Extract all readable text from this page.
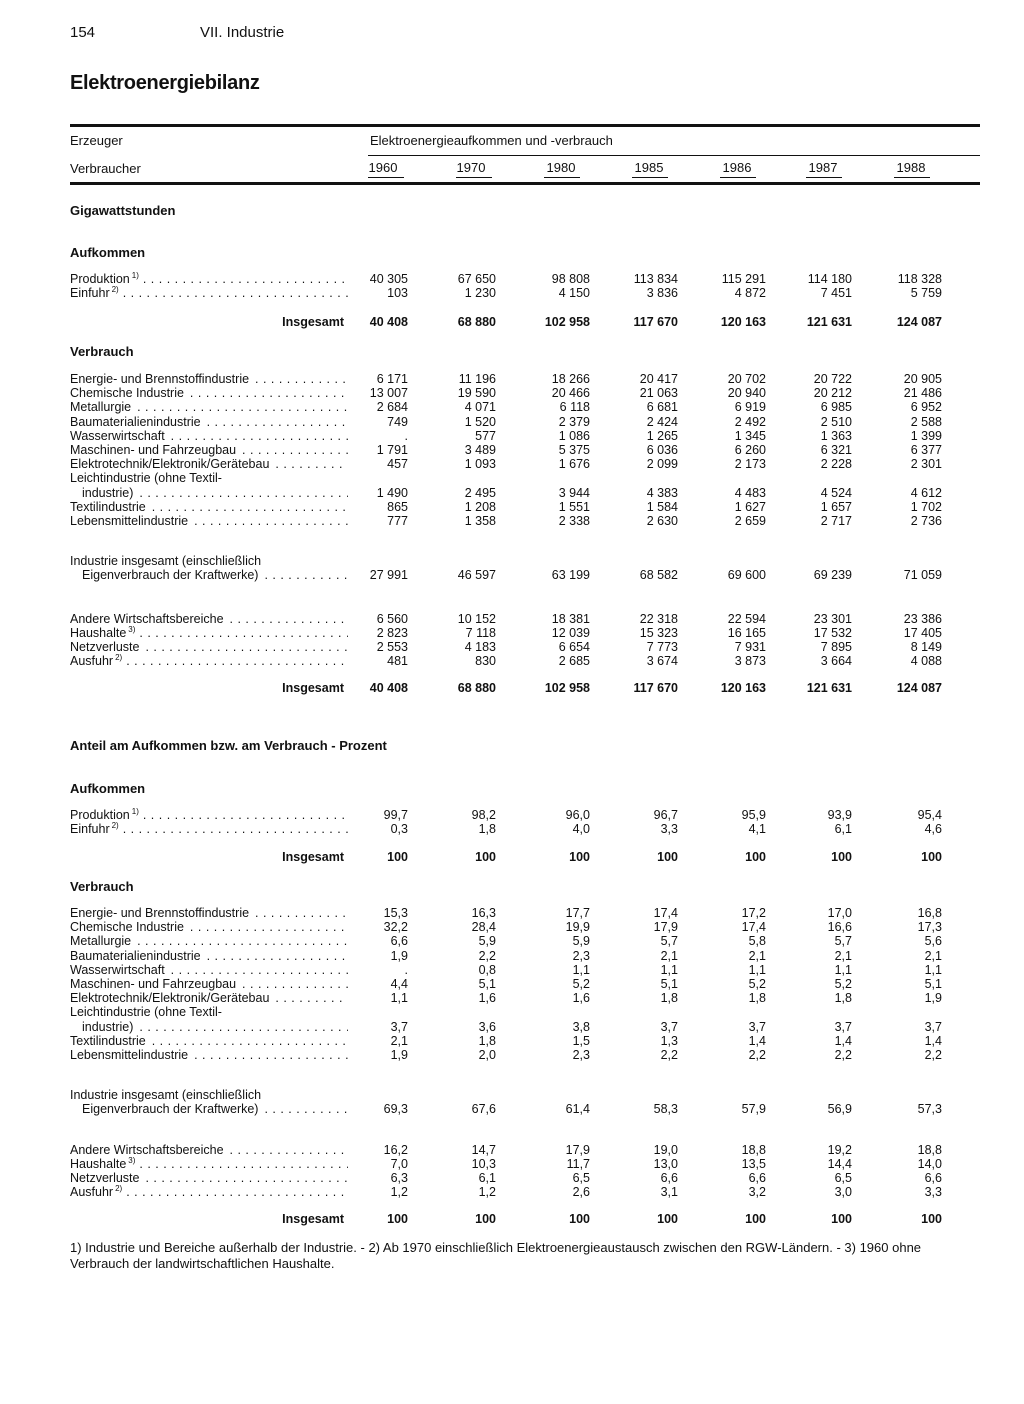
154	VII. Industrie
Elektroenergiebilanz
Erzeuger	Elektroenergieaufkommen und -verbrauch
Verbraucher	1960	1970	1980	1985	1986	1987	1988
Gigawattstunden
Aufkommen
Produktion $^{1)}$ . . .	40 305	67 650	98 808	113 834	115 291	114 180	118 328
Einfuhr $^{2)}$ . . .	103	1 230	4 150	3 836	4 872	7 451	5 759
Insgesamt	40 408	68 880	102 958	117 670	120 163	121 631	124 087
Verbrauch
Energie- und Brennstoffindustrie . . .	6 171	11 196	18 266	20 417	20 702	20 722	20 905
Chemische Industrie . . .	13 007	19 590	20 466	21 063	20 940	20 212	21 486
Metallurgie . . .	2 684	4 071	6 118	6 681	6 919	6 985	6 952
Baumaterialienindustrie . . .	749	1 520	2 379	2 424	2 492	2 510	2 588
Wasserwirtschaft . . .	.	577	1 086	1 265	1 345	1 363	1 399
Maschinen- und Fahrzeugbau . . .	1 791	3 489	5 375	6 036	6 260	6 321	6 377
Elektrotechnik/Elektronik/Gerätebau . . .	457	1 093	1 676	2 099	2 173	2 228	2 301
Leichtindustrie (ohne Textil-
industrie) . . .	1 490	2 495	3 944	4 383	4 483	4 524	4 612
Textilindustrie . . .	865	1 208	1 551	1 584	1 627	1 657	1 702
Lebensmittelindustrie . . .	777	1 358	2 338	2 630	2 659	2 717	2 736
Industrie insgesamt (einschließlich
Eigenverbrauch der Kraftwerke) . . .	27 991	46 597	63 199	68 582	69 600	69 239	71 059
Andere Wirtschaftsbereiche . . .	6 560	10 152	18 381	22 318	22 594	23 301	23 386
Haushalte $^{3)}$ . . .	2 823	7 118	12 039	15 323	16 165	17 532	17 405
Netzverluste . . .	2 553	4 183	6 654	7 773	7 931	7 895	8 149
Ausfuhr $^{2)}$ . . .	481	830	2 685	3 674	3 873	3 664	4 088
Insgesamt	40 408	68 880	102 958	117 670	120 163	121 631	124 087
Anteil am Aufkommen bzw. am Verbrauch - Prozent
Aufkommen
Produktion $^{1)}$ . . .	99,7	98,2	96,0	96,7	95,9	93,9	95,4
Einfuhr $^{2)}$ . . .	0,3	1,8	4,0	3,3	4,1	6,1	4,6
Insgesamt	100	100	100	100	100	100	100
Verbrauch
Energie- und Brennstoffindustrie . . .	15,3	16,3	17,7	17,4	17,2	17,0	16,8
Chemische Industrie . . .	32,2	28,4	19,9	17,9	17,4	16,6	17,3
Metallurgie . . .	6,6	5,9	5,9	5,7	5,8	5,7	5,6
Baumaterialienindustrie . . .	1,9	2,2	2,3	2,1	2,1	2,1	2,1
Wasserwirtschaft . . .	.	0,8	1,1	1,1	1,1	1,1	1,1
Maschinen- und Fahrzeugbau . . .	4,4	5,1	5,2	5,1	5,2	5,2	5,1
Elektrotechnik/Elektronik/Gerätebau . . .	1,1	1,6	1,6	1,8	1,8	1,8	1,9
Leichtindustrie (ohne Textil-
industrie) . . .	3,7	3,6	3,8	3,7	3,7	3,7	3,7
Textilindustrie . . .	2,1	1,8	1,5	1,3	1,4	1,4	1,4
Lebensmittelindustrie . . .	1,9	2,0	2,3	2,2	2,2	2,2	2,2
Industrie insgesamt (einschließlich
Eigenverbrauch der Kraftwerke) . . .	69,3	67,6	61,4	58,3	57,9	56,9	57,3
Andere Wirtschaftsbereiche . . .	16,2	14,7	17,9	19,0	18,8	19,2	18,8
Haushalte $^{3)}$ . . .	7,0	10,3	11,7	13,0	13,5	14,4	14,0
Netzverluste . . .	6,3	6,1	6,5	6,6	6,6	6,5	6,6
Ausfuhr $^{2)}$ . . .	1,2	1,2	2,6	3,1	3,2	3,0	3,3
Insgesamt	100	100	100	100	100	100	100
1) Industrie und Bereiche außerhalb der Industrie. - 2) Ab 1970 einschließlich Elektroenergieaustausch zwischen den RGW-Ländern. - 3) 1960 ohne
Verbrauch der landwirtschaftlichen Haushalte.
